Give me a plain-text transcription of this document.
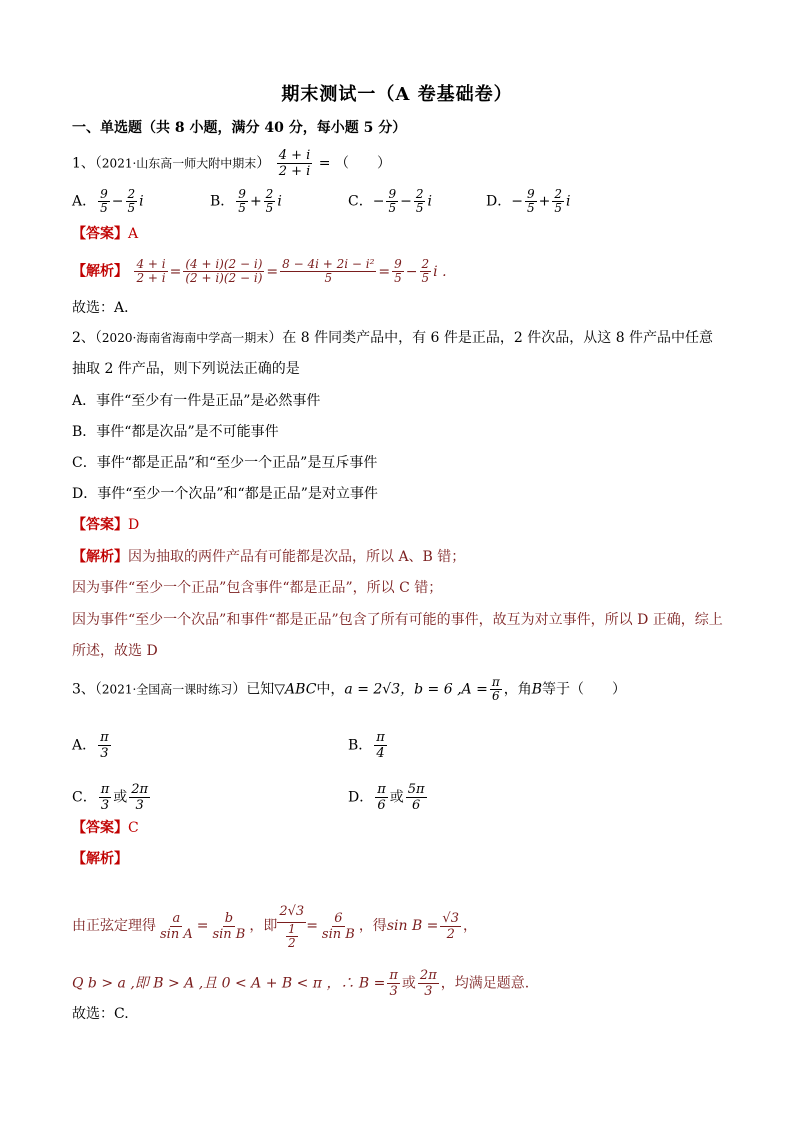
期末测试一（A 卷基础卷）
一、单选题（共 8 小题，满分 40 分，每小题 5 分）
1、（2021·山东高一师大附中期末） $\frac{4 + i}{2 + i}$ = （　　）
A． $\frac{9}{5} - \frac{2}{5}$ i	B． $\frac{9}{5} + \frac{2}{5}$ i	C．− $\frac{9}{5} - \frac{2}{5}$ i	D．− $\frac{9}{5} + \frac{2}{5}$ i
【答案】A
【解析】 $\frac{4 + i}{2 + i} = \frac{(4 + i)(2 - i)}{(2 + i)(2 - i)} = \frac{\text{8 − 4i + 2i − i²}}{5} = \frac{9}{5} - \frac{2}{5}$ i .
故选：A．
2、（2020·海南省海南中学高一期末）在 8 件同类产品中，有 6 件是正品，2 件次品，从这 8 件产品中任意
抽取 2 件产品，则下列说法正确的是
A．事件“至少有一件是正品”是必然事件
B．事件“都是次品”是不可能事件
C．事件“都是正品”和“至少一个正品”是互斥事件
D．事件“至少一个次品”和“都是正品”是对立事件
【答案】D
【解析】因为抽取的两件产品有可能都是次品，所以 A、B 错；
因为事件“至少一个正品”包含事件“都是正品”，所以 C 错；
因为事件“至少一个次品”和事件“都是正品”包含了所有可能的事件，故互为对立事件，所以 D 正确，综上
所述，故选 D
3、（2021·全国高一课时练习）已知▽ABC中，a = 2√3，b = 6 $,A = \frac{\pi}{6}$ ，角B等于（　　）
A． $\frac{\pi}{3}$	B． $\frac{\pi}{4}$
C． $\frac{\pi}{3}$ 或 $\frac{2\pi}{3}$	D． $\frac{\pi}{6}$ 或 $\frac{5\pi}{6}$
【答案】C
【解析】
由正弦定理得 $\frac{a}{\text{sin A}} = \frac{b}{\text{sin B}}$ ，即 $\frac{2√3}{\frac{1}{2}} = \frac{6}{\text{sin B}}$ ，得$\sin B = \frac{√3}{2}$ ，
Q b > a ,即 B > A ,且 0 < A + B < π ，∴ $B = \frac{\pi}{3}$ 或 $\frac{2\pi}{3}$ ，均满足题意.
故选：C.
